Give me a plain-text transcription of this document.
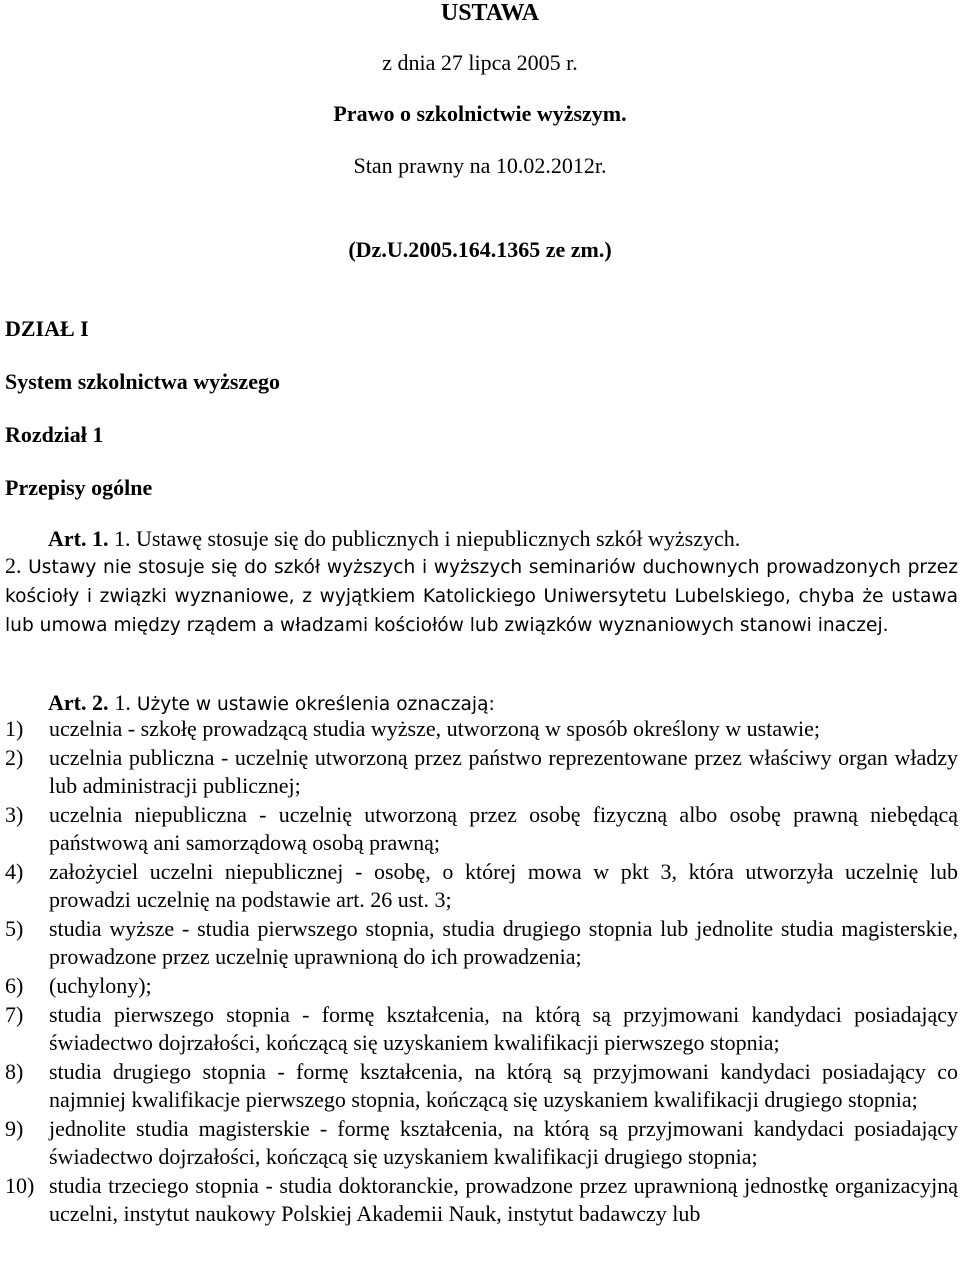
USTAWA
z dnia 27 lipca 2005 r.
Prawo o szkolnictwie wyższym.
Stan prawny na 10.02.2012r.
(Dz.U.2005.164.1365 ze zm.)
DZIAŁ I
System szkolnictwa wyższego
Rozdział 1
Przepisy ogólne
Art. 1. 1. Ustawę stosuje się do publicznych i niepublicznych szkół wyższych.
2. Ustawy nie stosuje się do szkół wyższych i wyższych seminariów duchownych prowadzonych przez kościoły i związki wyznaniowe, z wyjątkiem Katolickiego Uniwersytetu Lubelskiego, chyba że ustawa lub umowa między rządem a władzami kościołów lub związków wyznaniowych stanowi inaczej.
Art. 2. 1. Użyte w ustawie określenia oznaczają:
1) uczelnia - szkołę prowadzącą studia wyższe, utworzoną w sposób określony w ustawie;
2) uczelnia publiczna - uczelnię utworzoną przez państwo reprezentowane przez właściwy organ władzy lub administracji publicznej;
3) uczelnia niepubliczna - uczelnię utworzoną przez osobę fizyczną albo osobę prawną niebędącą państwową ani samorządową osobą prawną;
4) założyciel uczelni niepublicznej - osobę, o której mowa w pkt 3, która utworzyła uczelnię lub prowadzi uczelnię na podstawie art. 26 ust. 3;
5) studia wyższe - studia pierwszego stopnia, studia drugiego stopnia lub jednolite studia magisterskie, prowadzone przez uczelnię uprawnioną do ich prowadzenia;
6) (uchylony);
7) studia pierwszego stopnia - formę kształcenia, na którą są przyjmowani kandydaci posiadający świadectwo dojrzałości, kończącą się uzyskaniem kwalifikacji pierwszego stopnia;
8) studia drugiego stopnia - formę kształcenia, na którą są przyjmowani kandydaci posiadający co najmniej kwalifikacje pierwszego stopnia, kończącą się uzyskaniem kwalifikacji drugiego stopnia;
9) jednolite studia magisterskie - formę kształcenia, na którą są przyjmowani kandydaci posiadający świadectwo dojrzałości, kończącą się uzyskaniem kwalifikacji drugiego stopnia;
10) studia trzeciego stopnia - studia doktoranckie, prowadzone przez uprawnioną jednostkę organizacyjną uczelni, instytut naukowy Polskiej Akademii Nauk, instytut badawczy lub
